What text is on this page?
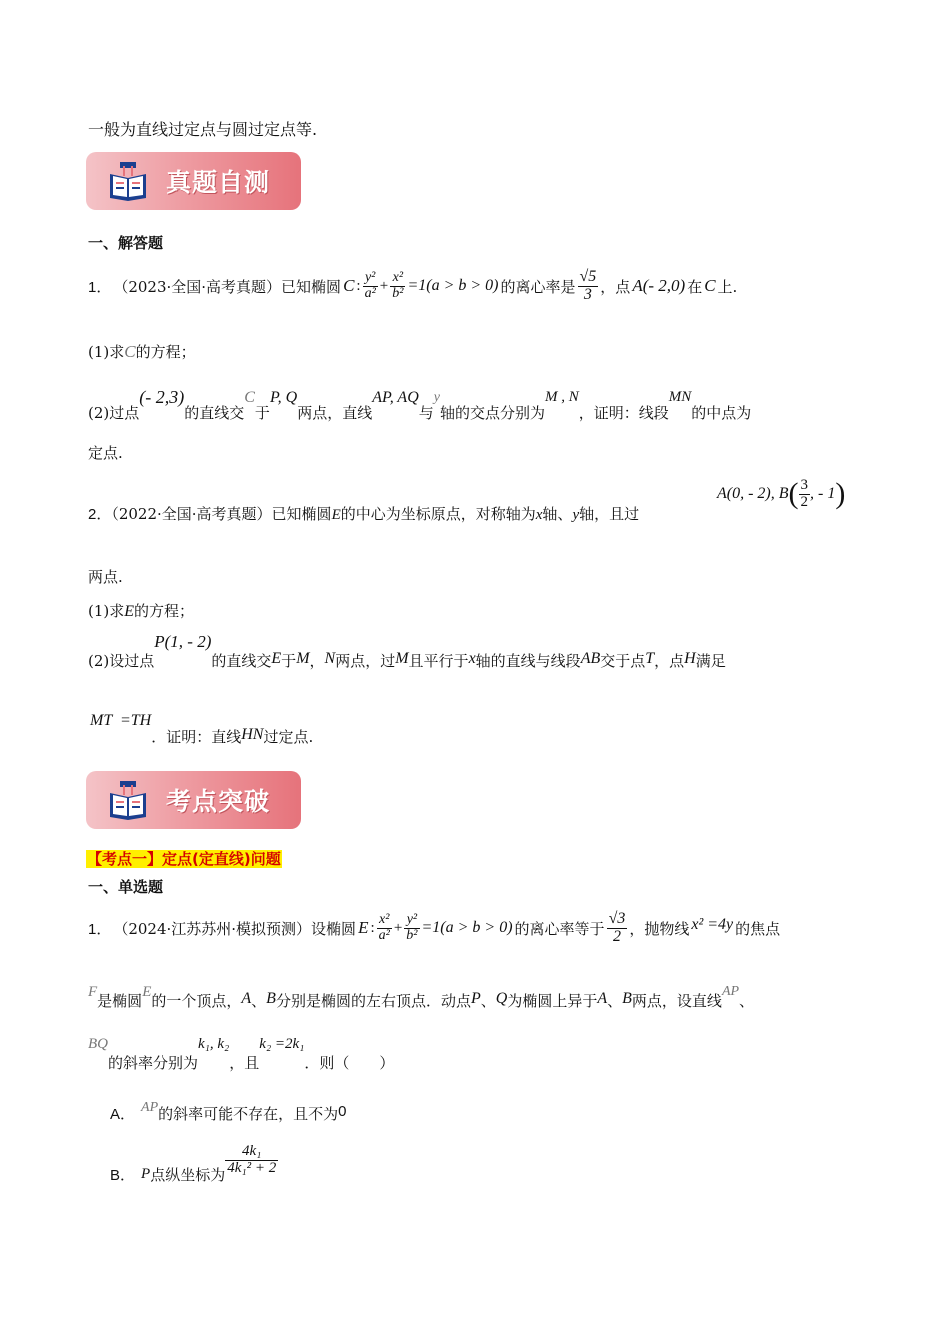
一般为直线过定点与圆过定点等.
真题自测
一、解答题
1． （2023·全国·高考真题）已知椭圆 C : $\frac{\text{y²}}{\text{a²}} + \frac{\text{x²}}{\text{b²}} =1(a > b > 0)$ 的离心率是 $\frac{√5}{3}$ ，点 A(- 2,0) 在 C 上.
(1)求C的方程；
(2)过点
(- 2,3)
的直线交
C
于
P, Q
两点，直线
AP, AQ
与
y
轴的交点分别为
M , N
，证明：线段
MN
的中点为
定点.
2．（2022·全国·高考真题）已知椭圆E的中心为坐标原点，对称轴为x轴、y轴，且过
A(0, - 2), B ( $\frac{3}{2}$ , - 1 )
两点.
(1)求E的方程；
(2)设过点
P(1, - 2)
的直线交 E 于 M ， N 两点，过 M 且平行于 x 轴的直线与线段 AB 交于点 T ，点 H 满足
MT  =TH
．证明：直线 HN 过定点.
考点突破
【考点一】定点(定直线)问题
一、单选题
1． （2024·江苏苏州·模拟预测）设椭圆 E : $\frac{\text{x²}}{\text{a²}} + \frac{\text{y²}}{\text{b²}} =1(a > b > 0)$ 的离心率等于 $\frac{√3}{2}$ ，抛物线 x² =4y 的焦点
F 是椭圆 E 的一个顶点， A 、 B 分别是椭圆的左右顶点．动点 P 、 Q 为椭圆上异于 A 、 B 两点，设直线
AP
、
BQ
的斜率分别为
k₁, k₂
，且
k₂ =2k₁
．则（　　）
A． AP 的斜率可能不存在，且不为 0
B． P 点纵坐标为 $\frac{\text{4k₁}}{\text{4k₁² + 2}}$
